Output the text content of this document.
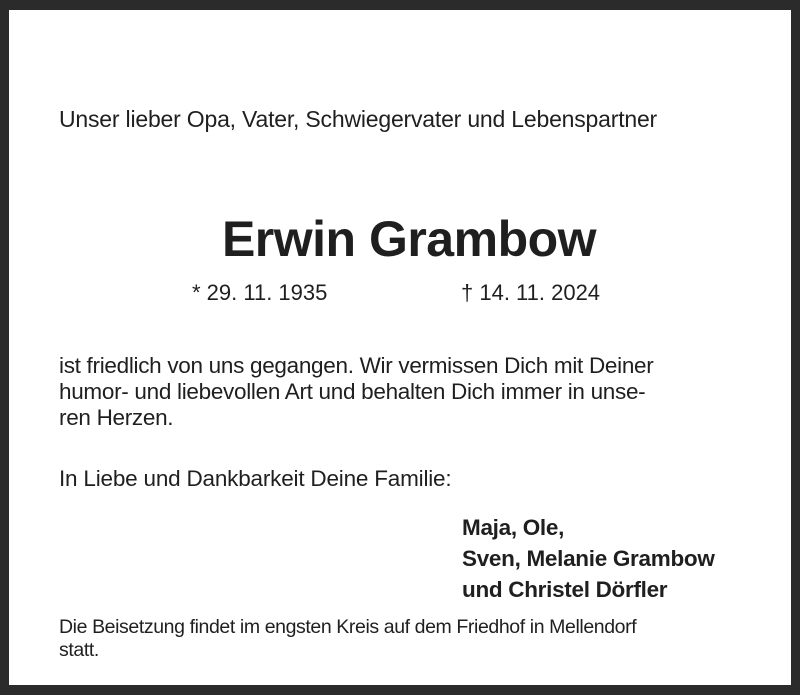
Unser lieber Opa, Vater, Schwiegervater und Lebenspartner
Erwin Grambow
* 29. 11. 1935	† 14. 11. 2024
ist friedlich von uns gegangen. Wir vermissen Dich mit Deiner
humor- und liebevollen Art und behalten Dich immer in unse-
ren Herzen.
In Liebe und Dankbarkeit Deine Familie:
Maja, Ole,
Sven, Melanie Grambow
und Christel Dörfler
Die Beisetzung findet im engsten Kreis auf dem Friedhof in Mellendorf
statt.
